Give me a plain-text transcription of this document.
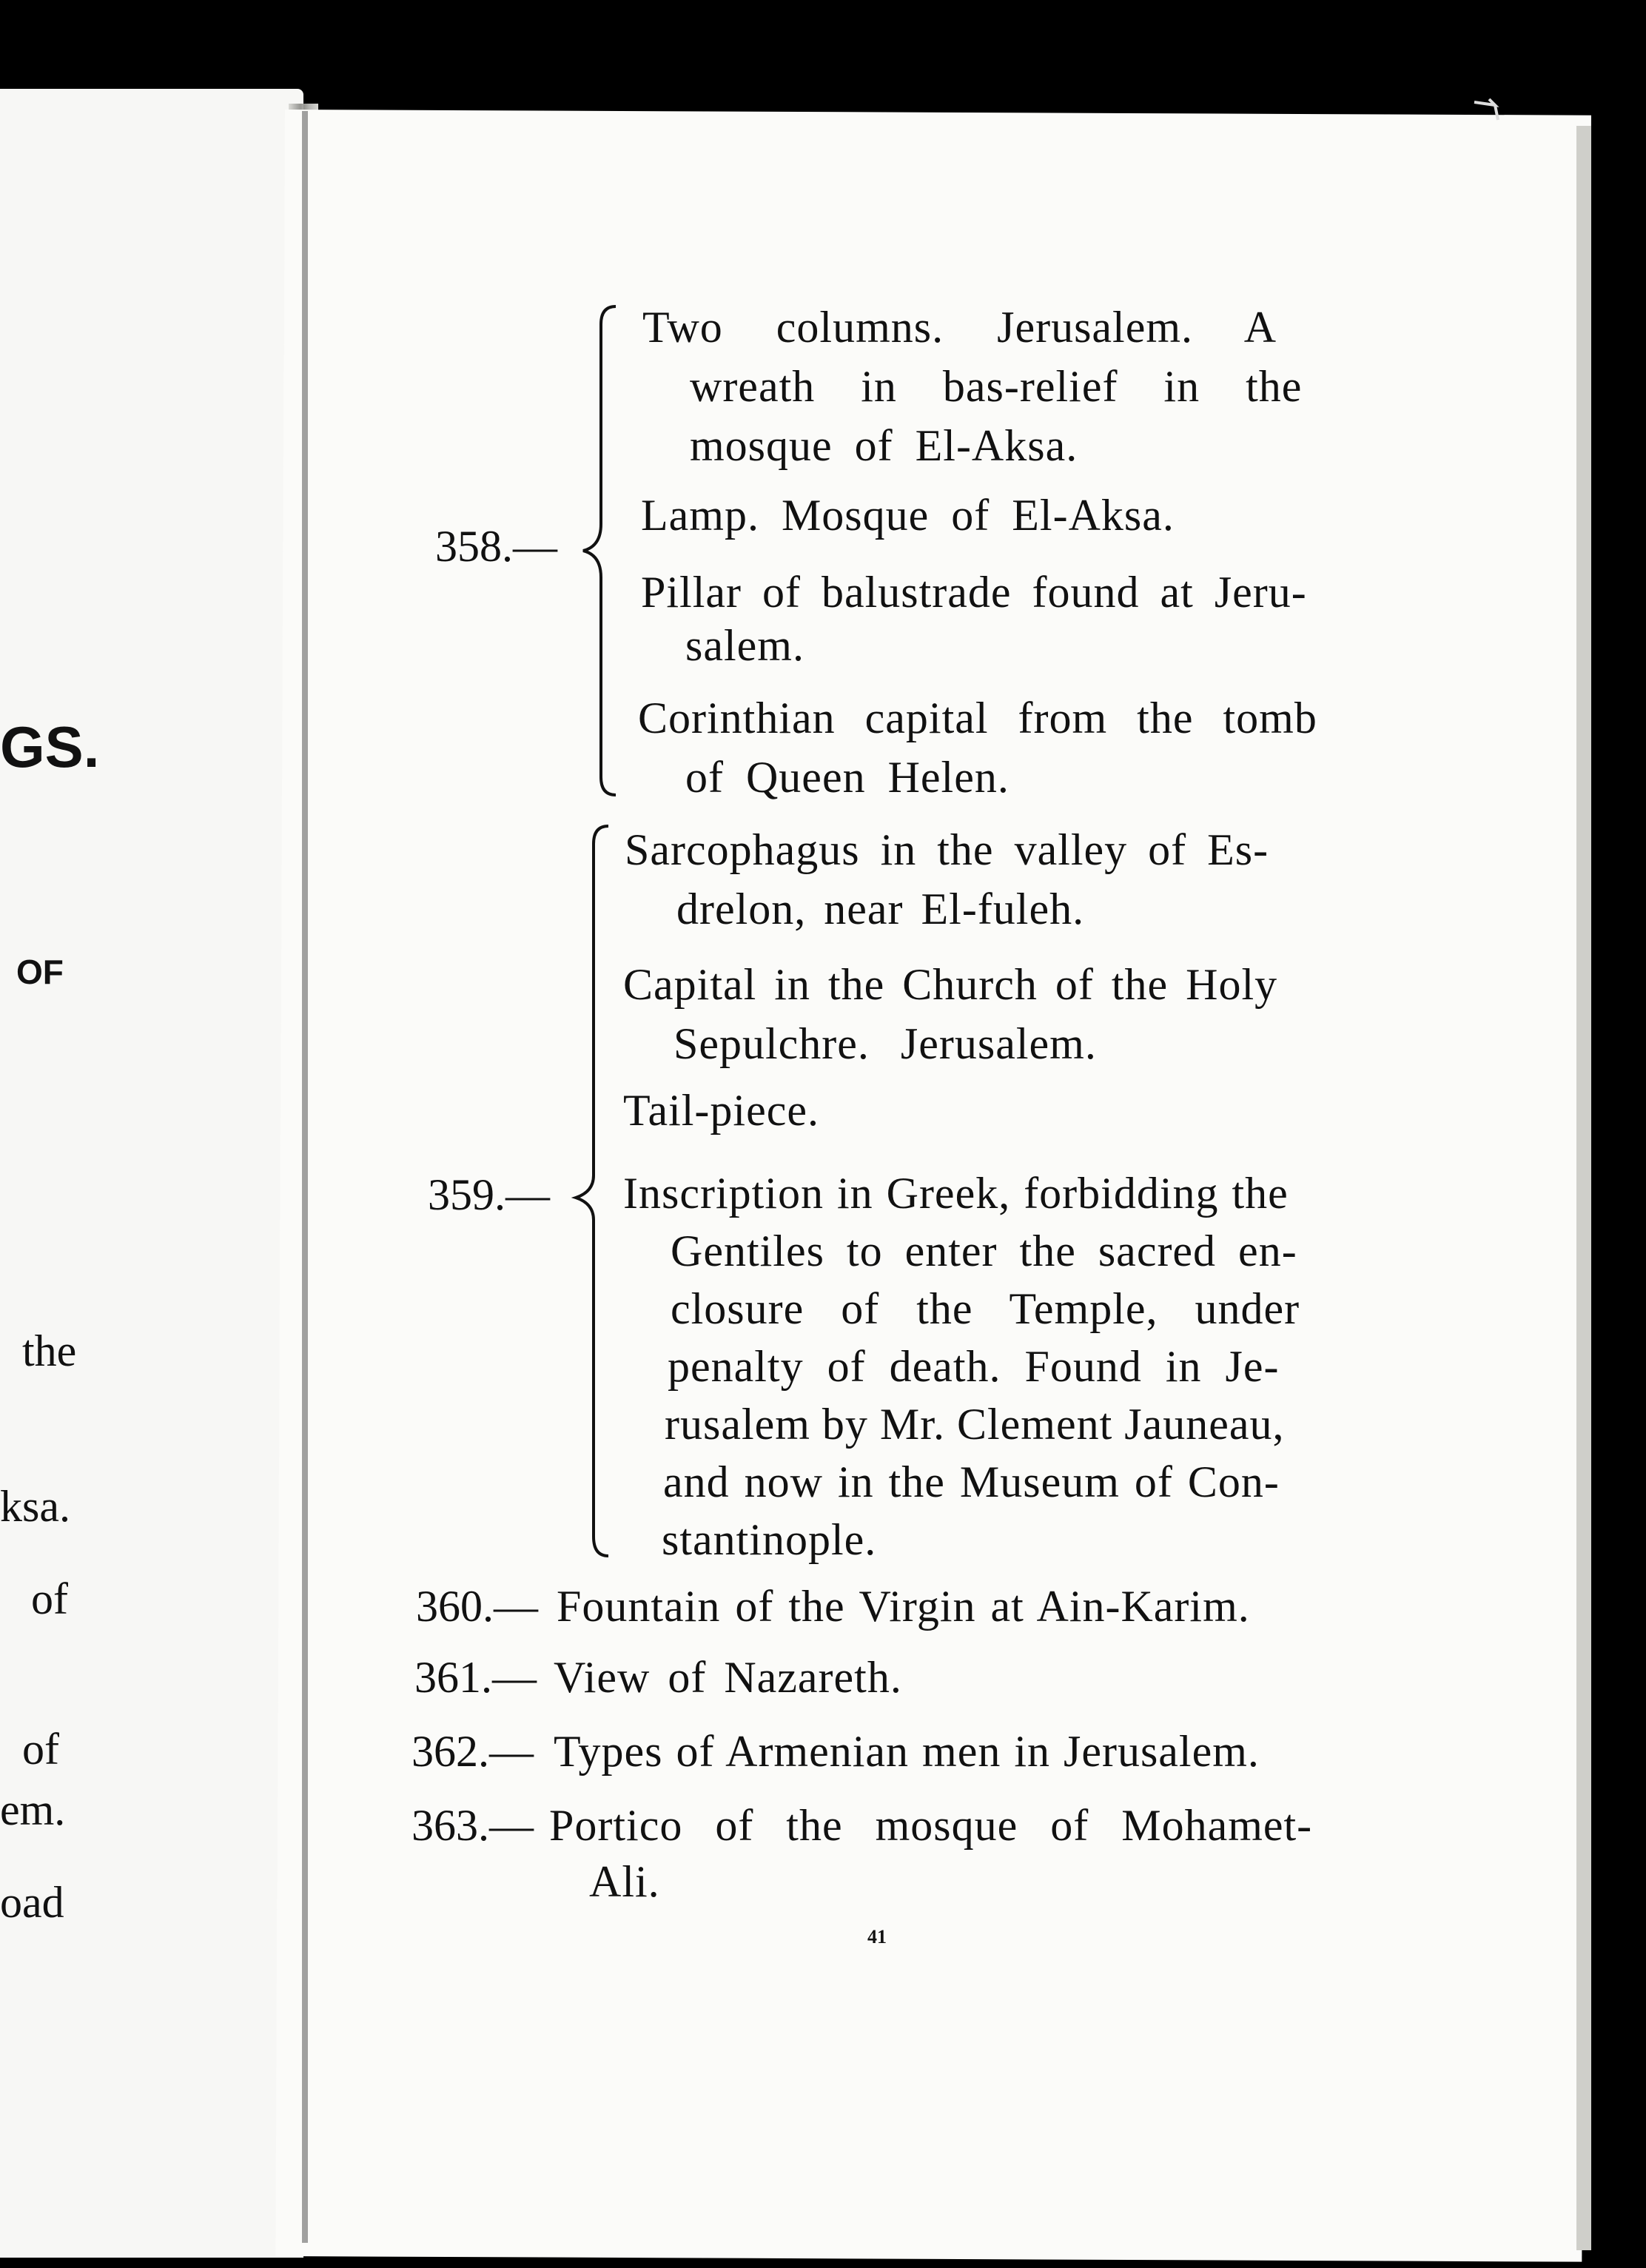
GS.
OF
the
ksa.
of
of
em.
oad
358.—
Two columns. Jerusalem. A
wreath in bas-relief in the
mosque of El-Aksa.
Lamp. Mosque of El-Aksa.
Pillar of balustrade found at Jeru-
salem.
Corinthian capital from the tomb
of Queen Helen.
359.—
Sarcophagus in the valley of Es-
drelon, near El-fuleh.
Capital in the Church of the Holy
Sepulchre. Jerusalem.
Tail-piece.
Inscription in Greek, forbidding the
Gentiles to enter the sacred en-
closure of the Temple, under
penalty of death. Found in Je-
rusalem by Mr. Clement Jauneau,
and now in the Museum of Con-
stantinople.
360.— Fountain of the Virgin at Ain-Karim.
361.— View of Nazareth.
362.— Types of Armenian men in Jerusalem.
363.— Portico of the mosque of Mohamet-
Ali.
41
